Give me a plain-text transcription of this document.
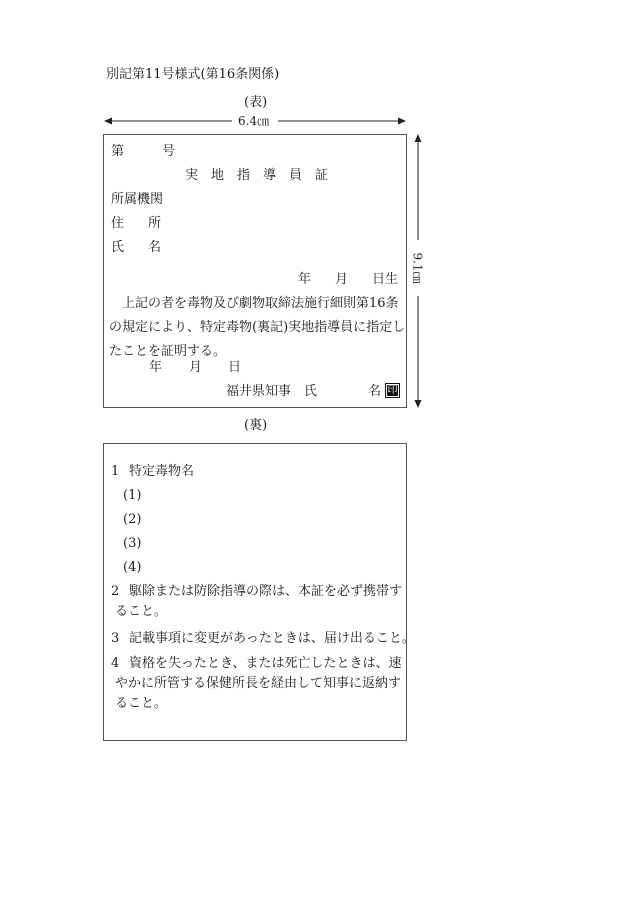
別記第11号様式(第16条関係)
(表)
6.4㎝
9.1㎝
第	号
実　地　指　導　員　証
所属機関
住 所
氏 名
年 月 日生
上記の者を毒物及び劇物取締法施行細則第16条
の規定により、特定毒物(裏記)実地指導員に指定し
たことを証明する。
年 月 日
福井県知事　氏	名 印
(裏)
1 特定毒物名
(1)
(2)
(3)
(4)
2 駆除または防除指導の際は、本証を必ず携帯す
ること。
3 記載事項に変更があったときは、届け出ること。
4 資格を失ったとき、または死亡したときは、速
やかに所管する保健所長を経由して知事に返納す
ること。
